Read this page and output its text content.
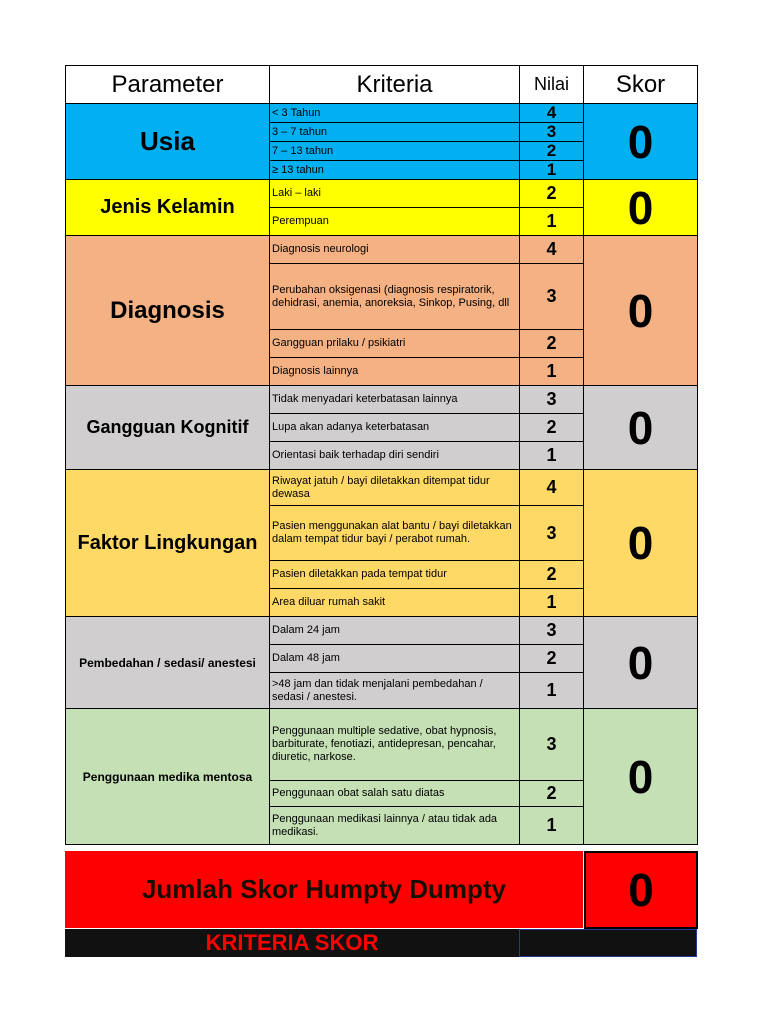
Parameter	Kriteria	Nilai	Skor
Usia	< 3 Tahun	4	0
	3 – 7 tahun	3	
	7 – 13 tahun	2	
	≥ 13 tahun	1	
Jenis Kelamin	Laki – laki	2	0
	Perempuan	1	
Diagnosis	Diagnosis neurologi	4	0
	Perubahan oksigenasi (diagnosis respiratorik, dehidrasi, anemia, anoreksia, Sinkop, Pusing, dll	3	
	Gangguan prilaku / psikiatri	2	
	Diagnosis lainnya	1	
Gangguan Kognitif	Tidak menyadari keterbatasan lainnya	3	0
	Lupa akan adanya keterbatasan	2	
	Orientasi baik terhadap diri sendiri	1	
Faktor Lingkungan	Riwayat jatuh / bayi diletakkan ditempat tidur dewasa	4	0
	Pasien menggunakan alat bantu / bayi diletakkan dalam tempat tidur bayi / perabot rumah.	3	
	Pasien diletakkan pada tempat tidur	2	
	Area diluar rumah sakit	1	
Pembedahan / sedasi/ anestesi	Dalam 24 jam	3	0
	Dalam 48 jam	2	
	>48 jam dan tidak menjalani pembedahan / sedasi / anestesi.	1	
Penggunaan medika mentosa	Penggunaan multiple sedative, obat hypnosis, barbiturate, fenotiazi, antidepresan, pencahar, diuretic, narkose.	3	0
	Penggunaan obat salah satu diatas	2	
	Penggunaan medikasi lainnya / atau tidak ada medikasi.	1	
Jumlah Skor Humpty Dumpty	0
KRITERIA SKOR
